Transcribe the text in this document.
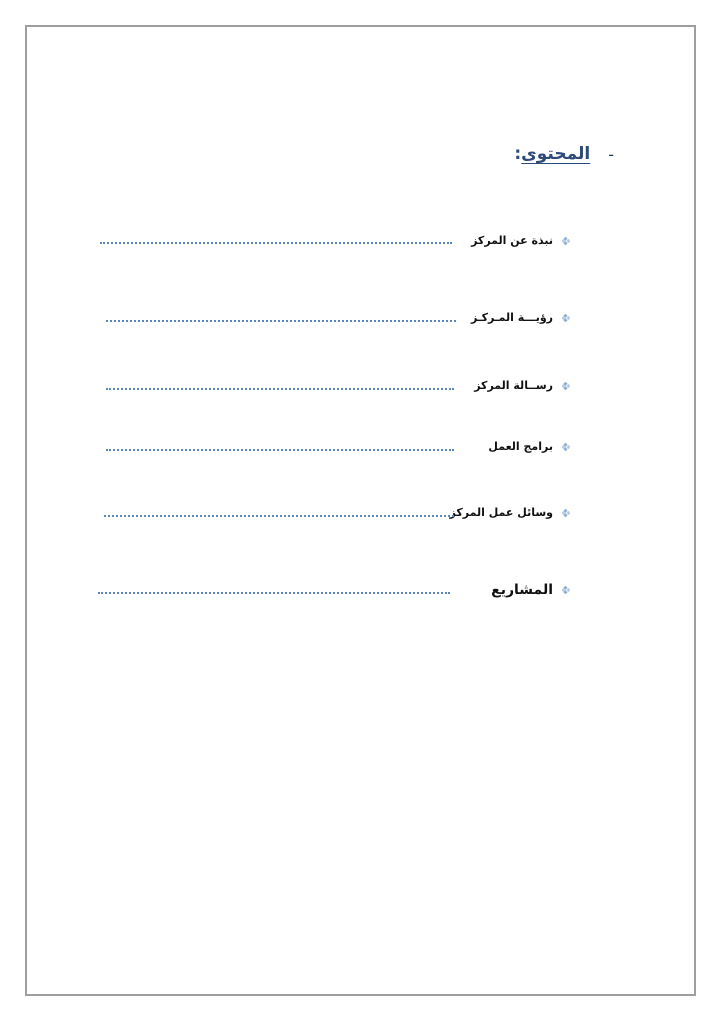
-
المحتوى:
نبذة عن المركز
رؤيـــة المـركـز
رســالة المركز
برامج العمل
وسائل عمل المركز
المشاريع
